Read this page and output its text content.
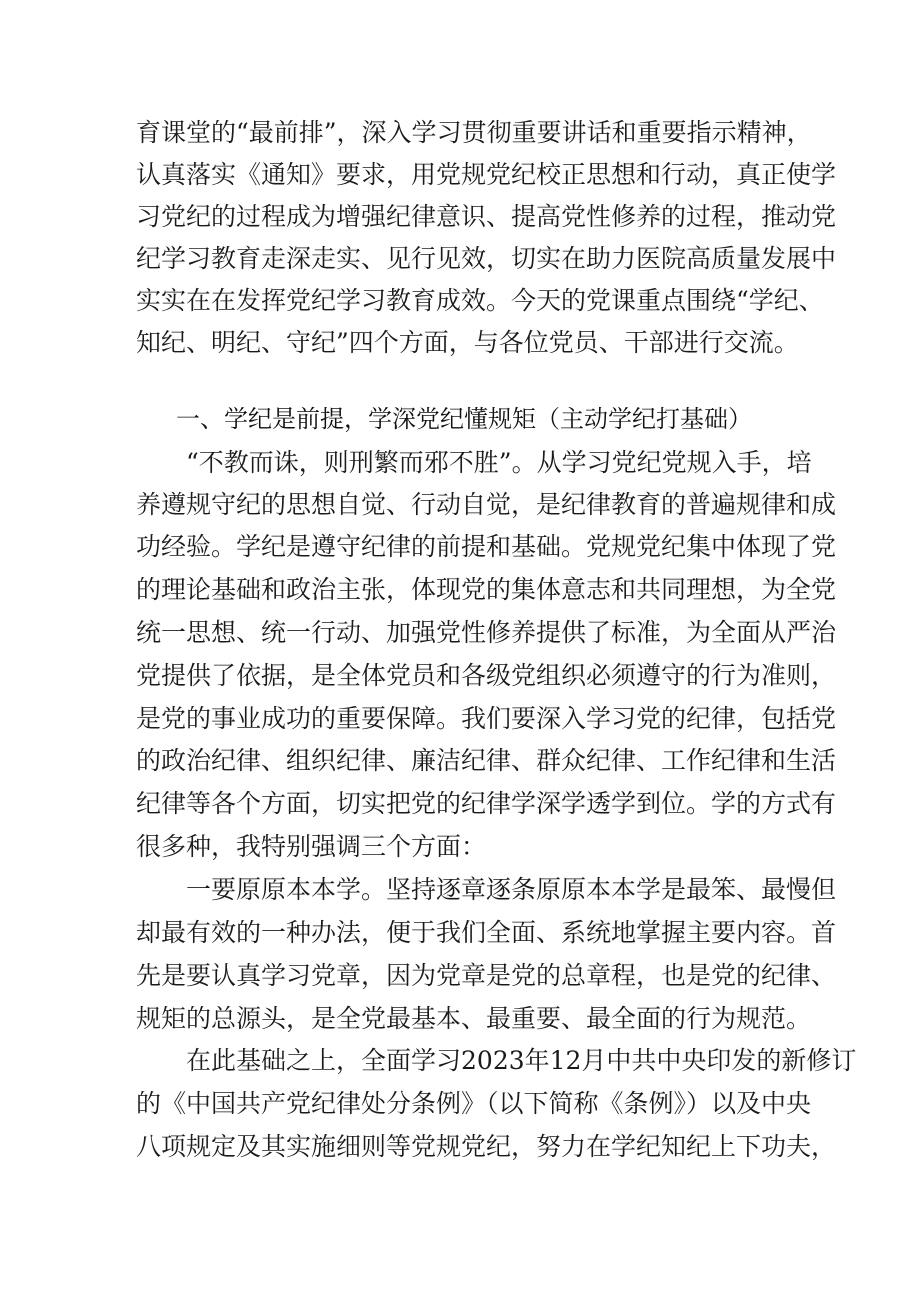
育课堂的“最前排”，深入学习贯彻重要讲话和重要指示精神，
认真落实《通知》要求，用党规党纪校正思想和行动，真正使学
习党纪的过程成为增强纪律意识、提高党性修养的过程，推动党
纪学习教育走深走实、见行见效，切实在助力医院高质量发展中
实实在在发挥党纪学习教育成效。今天的党课重点围绕“学纪、
知纪、明纪、守纪”四个方面，与各位党员、干部进行交流。
一、学纪是前提，学深党纪懂规矩（主动学纪打基础）
“不教而诛，则刑繁而邪不胜”。从学习党纪党规入手，培
养遵规守纪的思想自觉、行动自觉，是纪律教育的普遍规律和成
功经验。学纪是遵守纪律的前提和基础。党规党纪集中体现了党
的理论基础和政治主张，体现党的集体意志和共同理想，为全党
统一思想、统一行动、加强党性修养提供了标准，为全面从严治
党提供了依据，是全体党员和各级党组织必须遵守的行为准则，
是党的事业成功的重要保障。我们要深入学习党的纪律，包括党
的政治纪律、组织纪律、廉洁纪律、群众纪律、工作纪律和生活
纪律等各个方面，切实把党的纪律学深学透学到位。学的方式有
很多种，我特别强调三个方面：
一要原原本本学。坚持逐章逐条原原本本学是最笨、最慢但
却最有效的一种办法，便于我们全面、系统地掌握主要内容。首
先是要认真学习党章，因为党章是党的总章程，也是党的纪律、
规矩的总源头，是全党最基本、最重要、最全面的行为规范。
在此基础之上，全面学习2023年12月中共中央印发的新修订
的《中国共产党纪律处分条例》（以下简称《条例》）以及中央
八项规定及其实施细则等党规党纪，努力在学纪知纪上下功夫，
